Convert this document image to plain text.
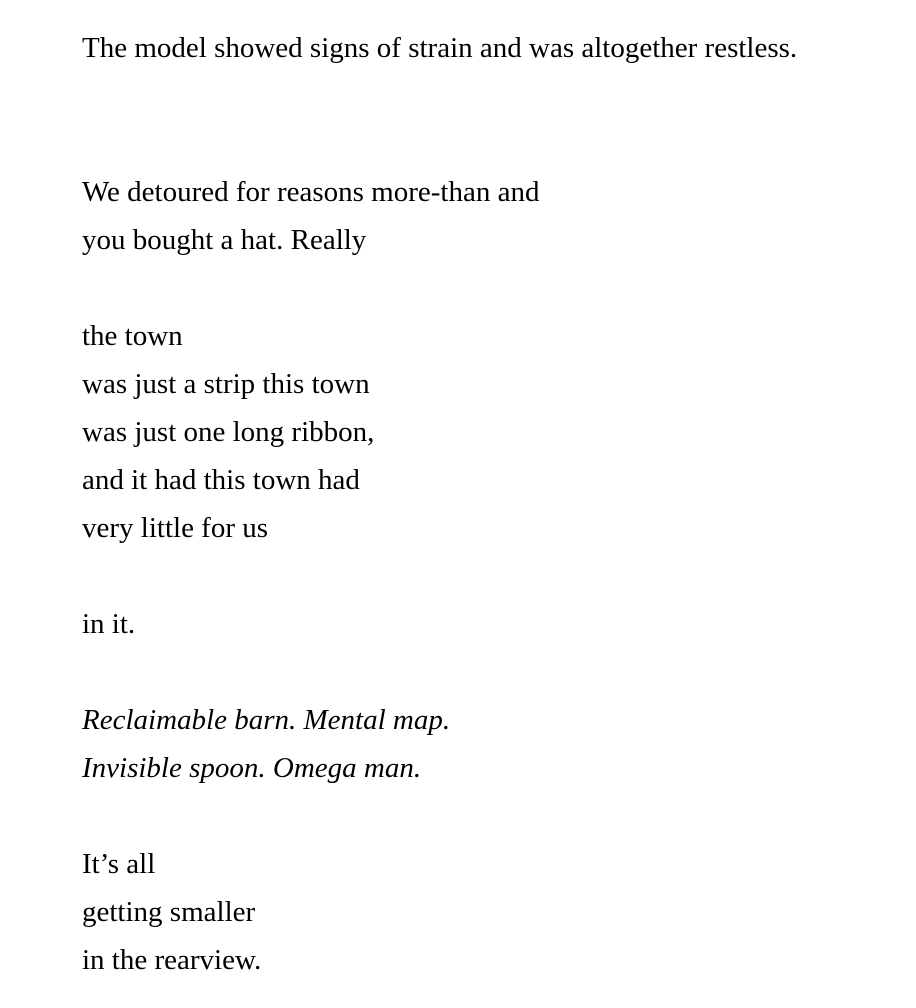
The model showed signs of strain and was altogether restless.
We detoured for reasons more-than and
you bought a hat. Really
the town
was just a strip this town
was just one long ribbon,
and it had this town had
very little for us
in it.
Reclaimable barn. Mental map.
Invisible spoon. Omega man.
It’s all
getting smaller
in the rearview.
